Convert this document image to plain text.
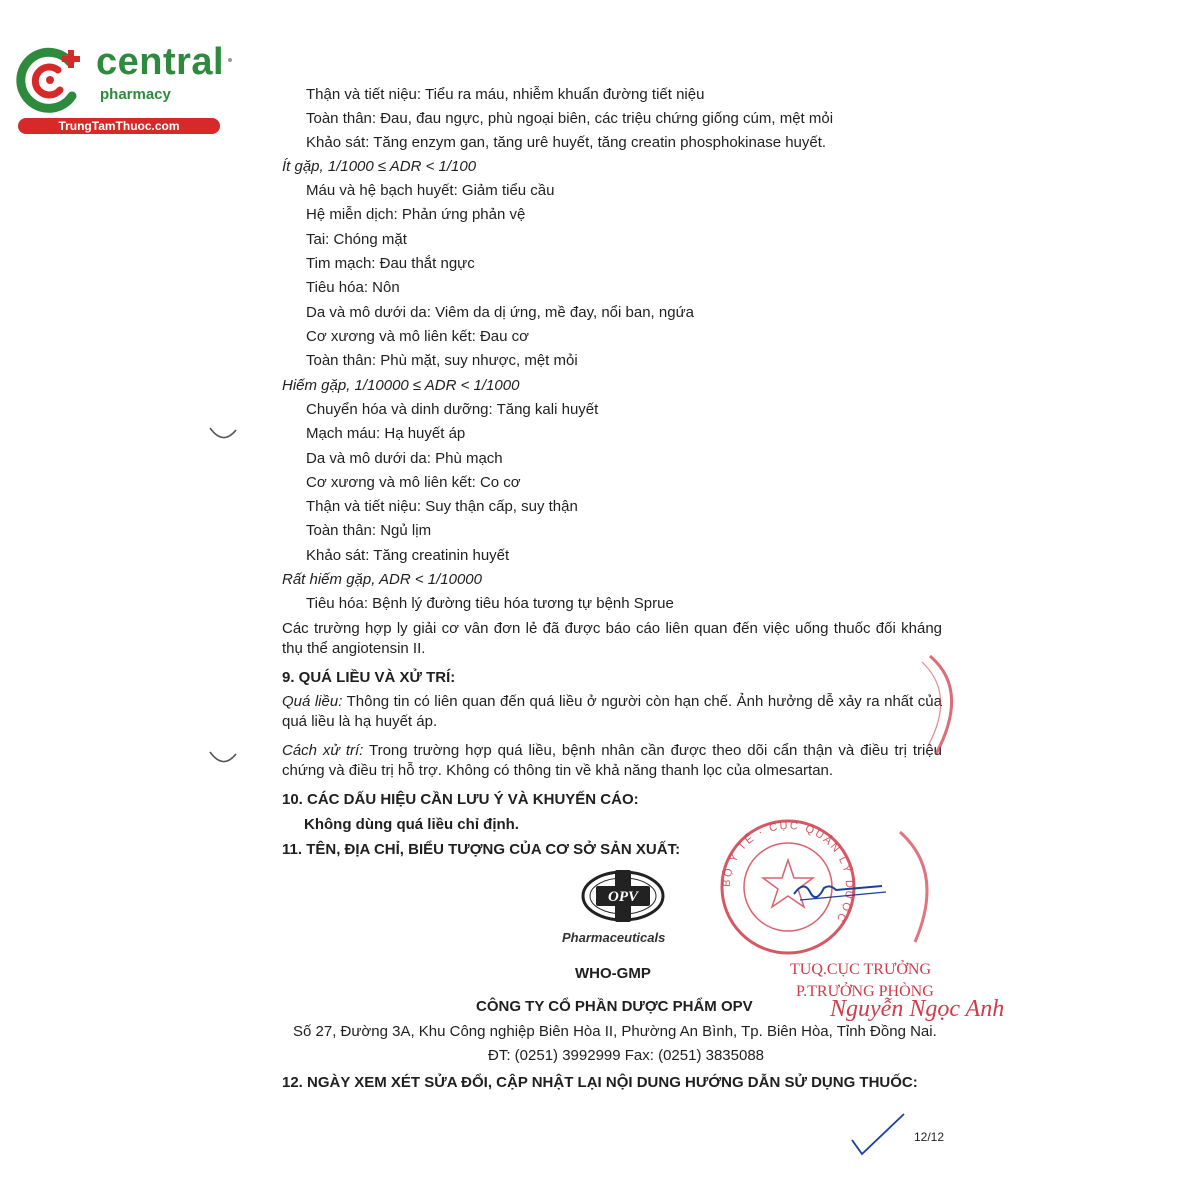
central
pharmacy
TrungTamThuoc.com
Thận và tiết niệu: Tiểu ra máu, nhiễm khuẩn đường tiết niệu
Toàn thân: Đau, đau ngực, phù ngoại biên, các triệu chứng giống cúm, mệt mỏi
Khảo sát: Tăng enzym gan, tăng urê huyết, tăng creatin phosphokinase huyết.
Ít gặp, 1/1000 ≤ ADR < 1/100
Máu và hệ bạch huyết: Giảm tiểu cầu
Hệ miễn dịch: Phản ứng phản vệ
Tai: Chóng mặt
Tim mạch: Đau thắt ngực
Tiêu hóa: Nôn
Da và mô dưới da: Viêm da dị ứng, mề đay, nổi ban, ngứa
Cơ xương và mô liên kết: Đau cơ
Toàn thân: Phù mặt, suy nhược, mệt mỏi
Hiếm gặp, 1/10000 ≤ ADR < 1/1000
Chuyển hóa và dinh dưỡng: Tăng kali huyết
Mạch máu: Hạ huyết áp
Da và mô dưới da: Phù mạch
Cơ xương và mô liên kết: Co cơ
Thận và tiết niệu: Suy thận cấp, suy thận
Toàn thân: Ngủ lịm
Khảo sát: Tăng creatinin huyết
Rất hiếm gặp, ADR < 1/10000
Tiêu hóa: Bệnh lý đường tiêu hóa tương tự bệnh Sprue
Các trường hợp ly giải cơ vân đơn lẻ đã được báo cáo liên quan đến việc uống thuốc đối kháng thụ thể angiotensin II.
9. QUÁ LIỀU VÀ XỬ TRÍ:
Quá liều: Thông tin có liên quan đến quá liều ở người còn hạn chế. Ảnh hưởng dễ xảy ra nhất của quá liều là hạ huyết áp.
Cách xử trí: Trong trường hợp quá liều, bệnh nhân cần được theo dõi cẩn thận và điều trị triệu chứng và điều trị hỗ trợ. Không có thông tin về khả năng thanh lọc của olmesartan.
10. CÁC DẤU HIỆU CẦN LƯU Ý VÀ KHUYẾN CÁO:
Không dùng quá liều chỉ định.
11. TÊN, ĐỊA CHỈ, BIỂU TƯỢNG CỦA CƠ SỞ SẢN XUẤT:
OPV
Pharmaceuticals
WHO-GMP
CÔNG TY CỔ PHẦN DƯỢC PHẨM OPV
Số 27, Đường 3A, Khu Công nghiệp Biên Hòa II, Phường An Bình, Tp. Biên Hòa, Tỉnh Đồng Nai.
ĐT: (0251) 3992999 Fax: (0251) 3835088
12. NGÀY XEM XÉT SỬA ĐỔI, CẬP NHẬT LẠI NỘI DUNG HƯỚNG DẪN SỬ DỤNG THUỐC:
BỘ Y TẾ · CỤC QUẢN LÝ DƯỢC
TUQ.CỤC TRƯỞNG
P.TRƯỞNG PHÒNG
Nguyễn Ngọc Anh
12/12
